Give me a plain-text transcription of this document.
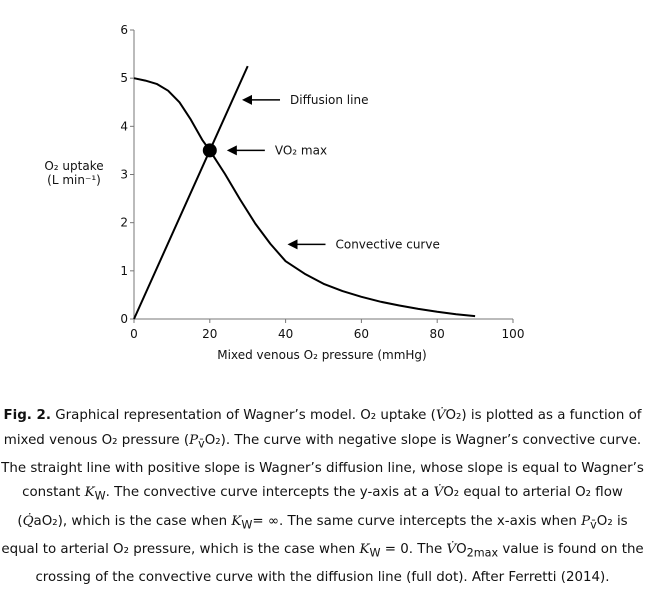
0	20	40	60	80	100
0
1
2
3
4
5
6
Diffusion line
VO₂ max
Convective curve
O₂ uptake
(L min⁻¹)
Mixed venous O₂ pressure (mmHg)
Fig. 2. Graphical representation of Wagner’s model. O₂ uptake (V̇O₂) is plotted as a function of mixed venous O₂ pressure $(P_{v̄}O_2)$. The curve with negative slope is Wagner’s convective curve. The straight line with positive slope is Wagner’s diffusion line, whose slope is equal to Wagner’s constant $K_W$. The convective curve intercepts the y-axis at a V̇O₂ equal to arterial O₂ flow (Q̇aO₂), which is the case when $K_W=$ ∞. The same curve intercepts the x-axis when $P_{v̄}O_2$ is equal to arterial O₂ pressure, which is the case when $K_W = 0$. The $V̇O_{2max}$ value is found on the crossing of the convective curve with the diffusion line (full dot). After Ferretti (2014).
